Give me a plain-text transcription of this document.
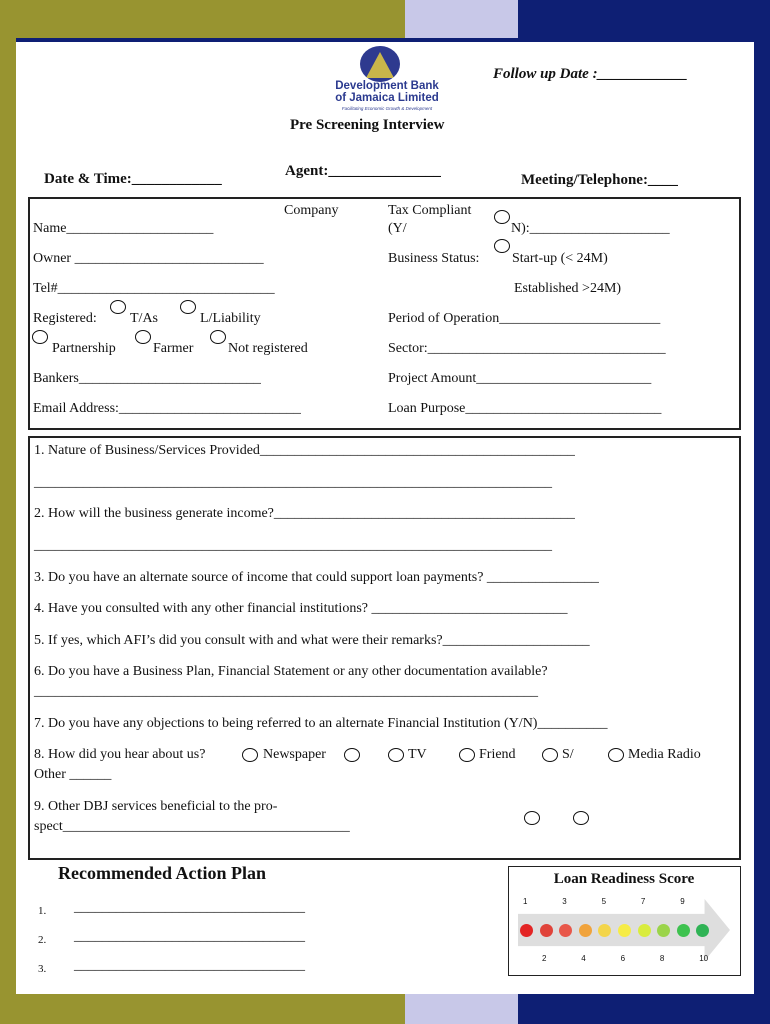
Development Bank
of Jamaica Limited
Facilitating Economic Growth & Development
Follow up Date :____________
Pre Screening Interview
Date & Time:____________	Agent:_______________
Meeting/Telephone:____
Company
Name_____________________
Owner ___________________________
Tel#_______________________________
Registered: T/As	L/Liability
Partnership	Farmer Not registered
Bankers__________________________
Email Address:__________________________
Tax Compliant
(Y/	N):____________________
Business Status: Start-up (< 24M)
Established >24M)
Period of Operation_______________________
Sector:__________________________________
Project Amount_________________________
Loan Purpose____________________________
1. Nature of Business/Services Provided_____________________________________________
__________________________________________________________________________
2. How will the business generate income?___________________________________________
__________________________________________________________________________
3. Do you have an alternate source of income that could support loan payments? ________________
4. Have you consulted with any other financial institutions? ____________________________
5. If yes, which AFI’s did you consult with and what were their remarks?_____________________
6. Do you have a Business Plan, Financial Statement or any other documentation available?
________________________________________________________________________
7. Do you have any objections to being referred to an alternate Financial Institution (Y/N)__________
8. How did you hear about us?	Newspaper	TV	Friend	S/	Media Radio
Other ______
9. Other DBJ services beneficial to the pro-
spect_________________________________________
Recommended Action Plan
1. _________________________________
2. _________________________________
3. _________________________________
Loan Readiness Score
1	3	5	7	9
2	4	6	8	10
